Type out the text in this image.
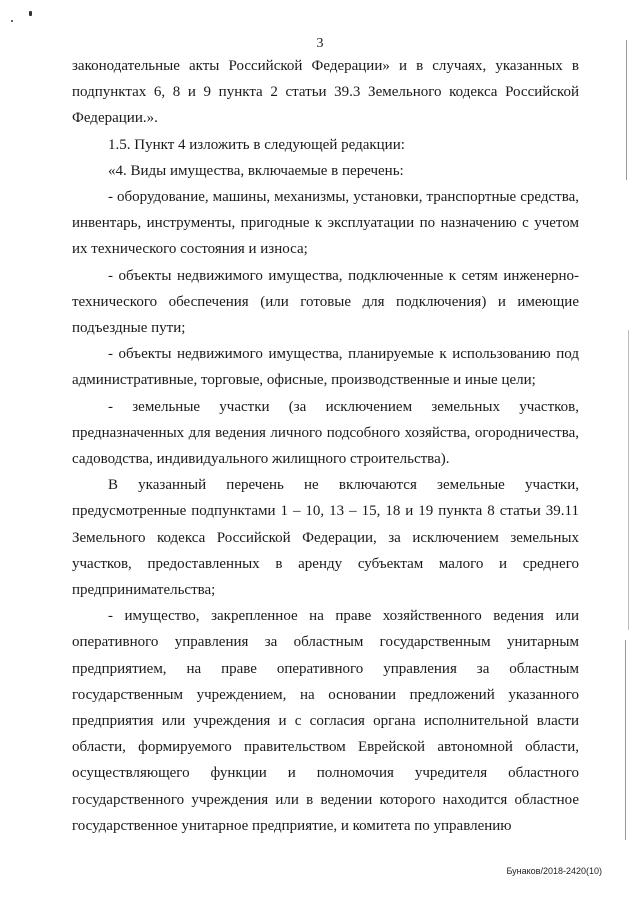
3

законодательные акты Российской Федерации» и в случаях, указанных в подпунктах 6, 8 и 9 пункта 2 статьи 39.3 Земельного кодекса Российской Федерации.».

1.5. Пункт 4 изложить в следующей редакции:

«4. Виды имущества, включаемые в перечень:

- оборудование, машины, механизмы, установки, транспортные средства, инвентарь, инструменты, пригодные к эксплуатации по назначению с учетом их технического состояния и износа;

- объекты недвижимого имущества, подключенные к сетям инженерно-технического обеспечения (или готовые для подключения) и имеющие подъездные пути;

- объекты недвижимого имущества, планируемые к использованию под административные, торговые, офисные, производственные и иные цели;

- земельные участки (за исключением земельных участков, предназначенных для ведения личного подсобного хозяйства, огородничества, садоводства, индивидуального жилищного строительства).

В указанный перечень не включаются земельные участки, предусмотренные подпунктами 1 – 10, 13 – 15, 18 и 19 пункта 8 статьи 39.11 Земельного кодекса Российской Федерации, за исключением земельных участков, предоставленных в аренду субъектам малого и среднего предпринимательства;

- имущество, закрепленное на праве хозяйственного ведения или оперативного управления за областным государственным унитарным предприятием, на праве оперативного управления за областным государственным учреждением, на основании предложений указанного предприятия или учреждения и с согласия органа исполнительной власти области, формируемого правительством Еврейской автономной области, осуществляющего функции и полномочия учредителя областного государственного учреждения или в ведении которого находится областное государственное унитарное предприятие, и комитета по управлению

Бунаков/2018-2420(10)
